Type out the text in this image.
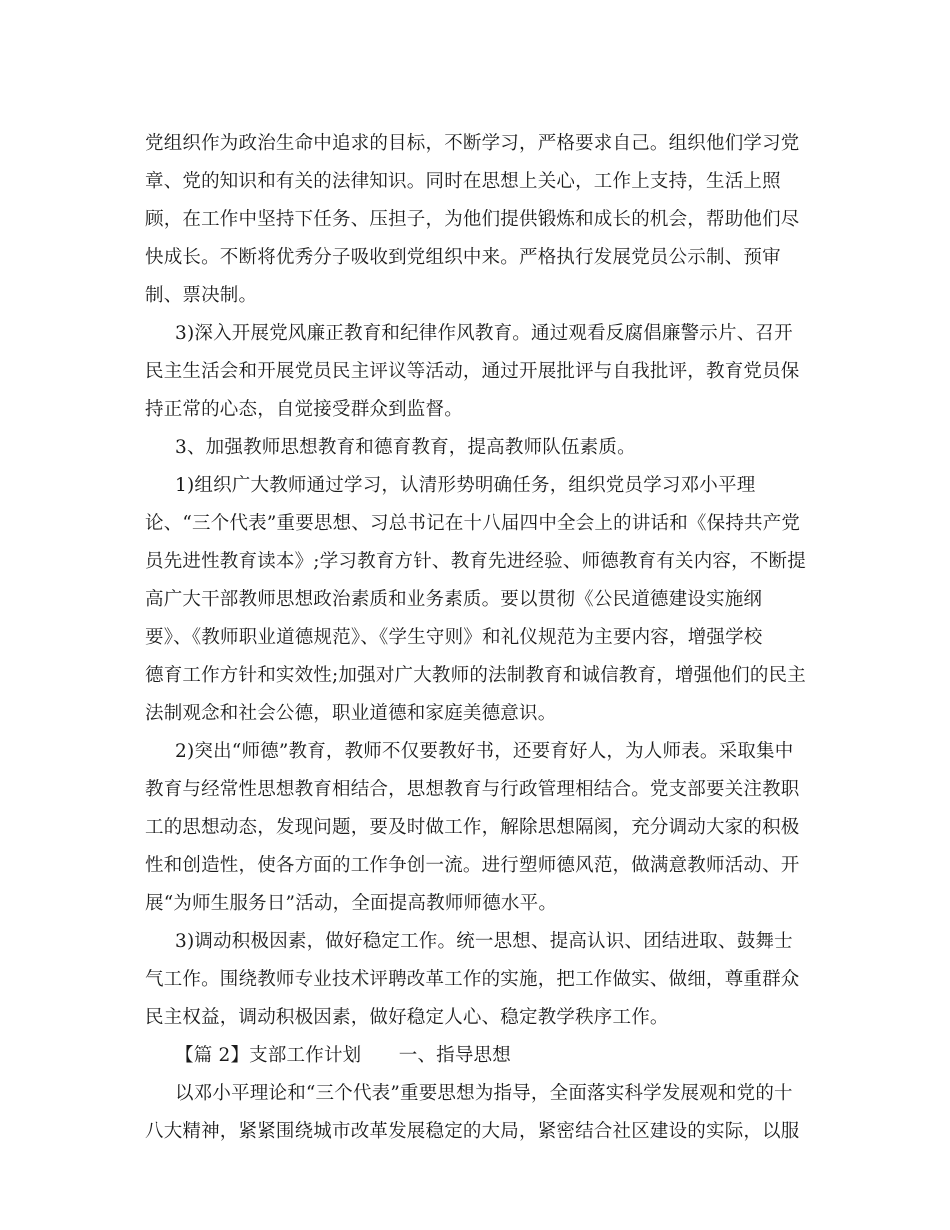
党组织作为政治生命中追求的目标，不断学习，严格要求自己。组织他们学习党
章、党的知识和有关的法律知识。同时在思想上关心，工作上支持，生活上照
顾，在工作中坚持下任务、压担子，为他们提供锻炼和成长的机会，帮助他们尽
快成长。不断将优秀分子吸收到党组织中来。严格执行发展党员公示制、预审
制、票决制。
3)深入开展党风廉正教育和纪律作风教育。通过观看反腐倡廉警示片、召开
民主生活会和开展党员民主评议等活动，通过开展批评与自我批评，教育党员保
持正常的心态，自觉接受群众到监督。
3、加强教师思想教育和德育教育，提高教师队伍素质。
1)组织广大教师通过学习，认清形势明确任务，组织党员学习邓小平理
论、“三个代表”重要思想、习总书记在十八届四中全会上的讲话和《保持共产党
员先进性教育读本》;学习教育方针、教育先进经验、师德教育有关内容，不断提
高广大干部教师思想政治素质和业务素质。要以贯彻《公民道德建设实施纲
要》、《教师职业道德规范》、《学生守则》和礼仪规范为主要内容，增强学校
德育工作方针和实效性;加强对广大教师的法制教育和诚信教育，增强他们的民主
法制观念和社会公德，职业道德和家庭美德意识。
2)突出“师德”教育，教师不仅要教好书，还要育好人，为人师表。采取集中
教育与经常性思想教育相结合，思想教育与行政管理相结合。党支部要关注教职
工的思想动态，发现问题，要及时做工作，解除思想隔阂，充分调动大家的积极
性和创造性，使各方面的工作争创一流。进行塑师德风范，做满意教师活动、开
展“为师生服务日”活动，全面提高教师师德水平。
3)调动积极因素，做好稳定工作。统一思想、提高认识、团结进取、鼓舞士
气工作。围绕教师专业技术评聘改革工作的实施，把工作做实、做细，尊重群众
民主权益，调动积极因素，做好稳定人心、稳定教学秩序工作。
【篇 2】支部工作计划　　一、指导思想
以邓小平理论和“三个代表”重要思想为指导，全面落实科学发展观和党的十
八大精神，紧紧围绕城市改革发展稳定的大局，紧密结合社区建设的实际，以服
